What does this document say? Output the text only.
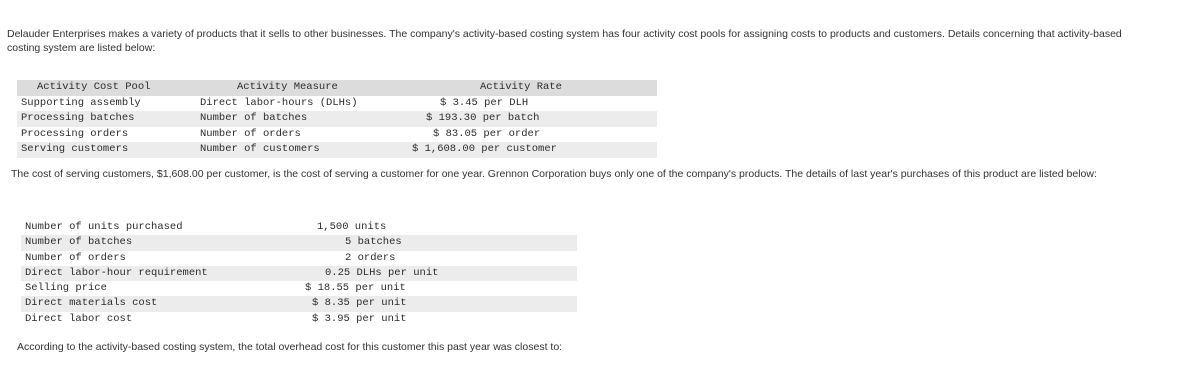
Delauder Enterprises makes a variety of products that it sells to other businesses. The company's activity-based costing system has four activity cost pools for assigning costs to products and customers. Details concerning that activity-based costing system are listed below:
Activity Cost Pool	Activity Measure	Activity Rate
Supporting assembly	Direct labor-hours (DLHs)	$ 3.45 per DLH
Processing batches	Number of batches	$ 193.30 per batch
Processing orders	Number of orders	$ 83.05 per order
Serving customers	Number of customers	$ 1,608.00 per customer
The cost of serving customers, $1,608.00 per customer, is the cost of serving a customer for one year. Grennon Corporation buys only one of the company's products. The details of last year's purchases of this product are listed below:
Number of units purchased	1,500 units
Number of batches	5 batches
Number of orders	2 orders
Direct labor-hour requirement	0.25 DLHs per unit
Selling price	$ 18.55 per unit
Direct materials cost	$ 8.35 per unit
Direct labor cost	$ 3.95 per unit
According to the activity-based costing system, the total overhead cost for this customer this past year was closest to:
